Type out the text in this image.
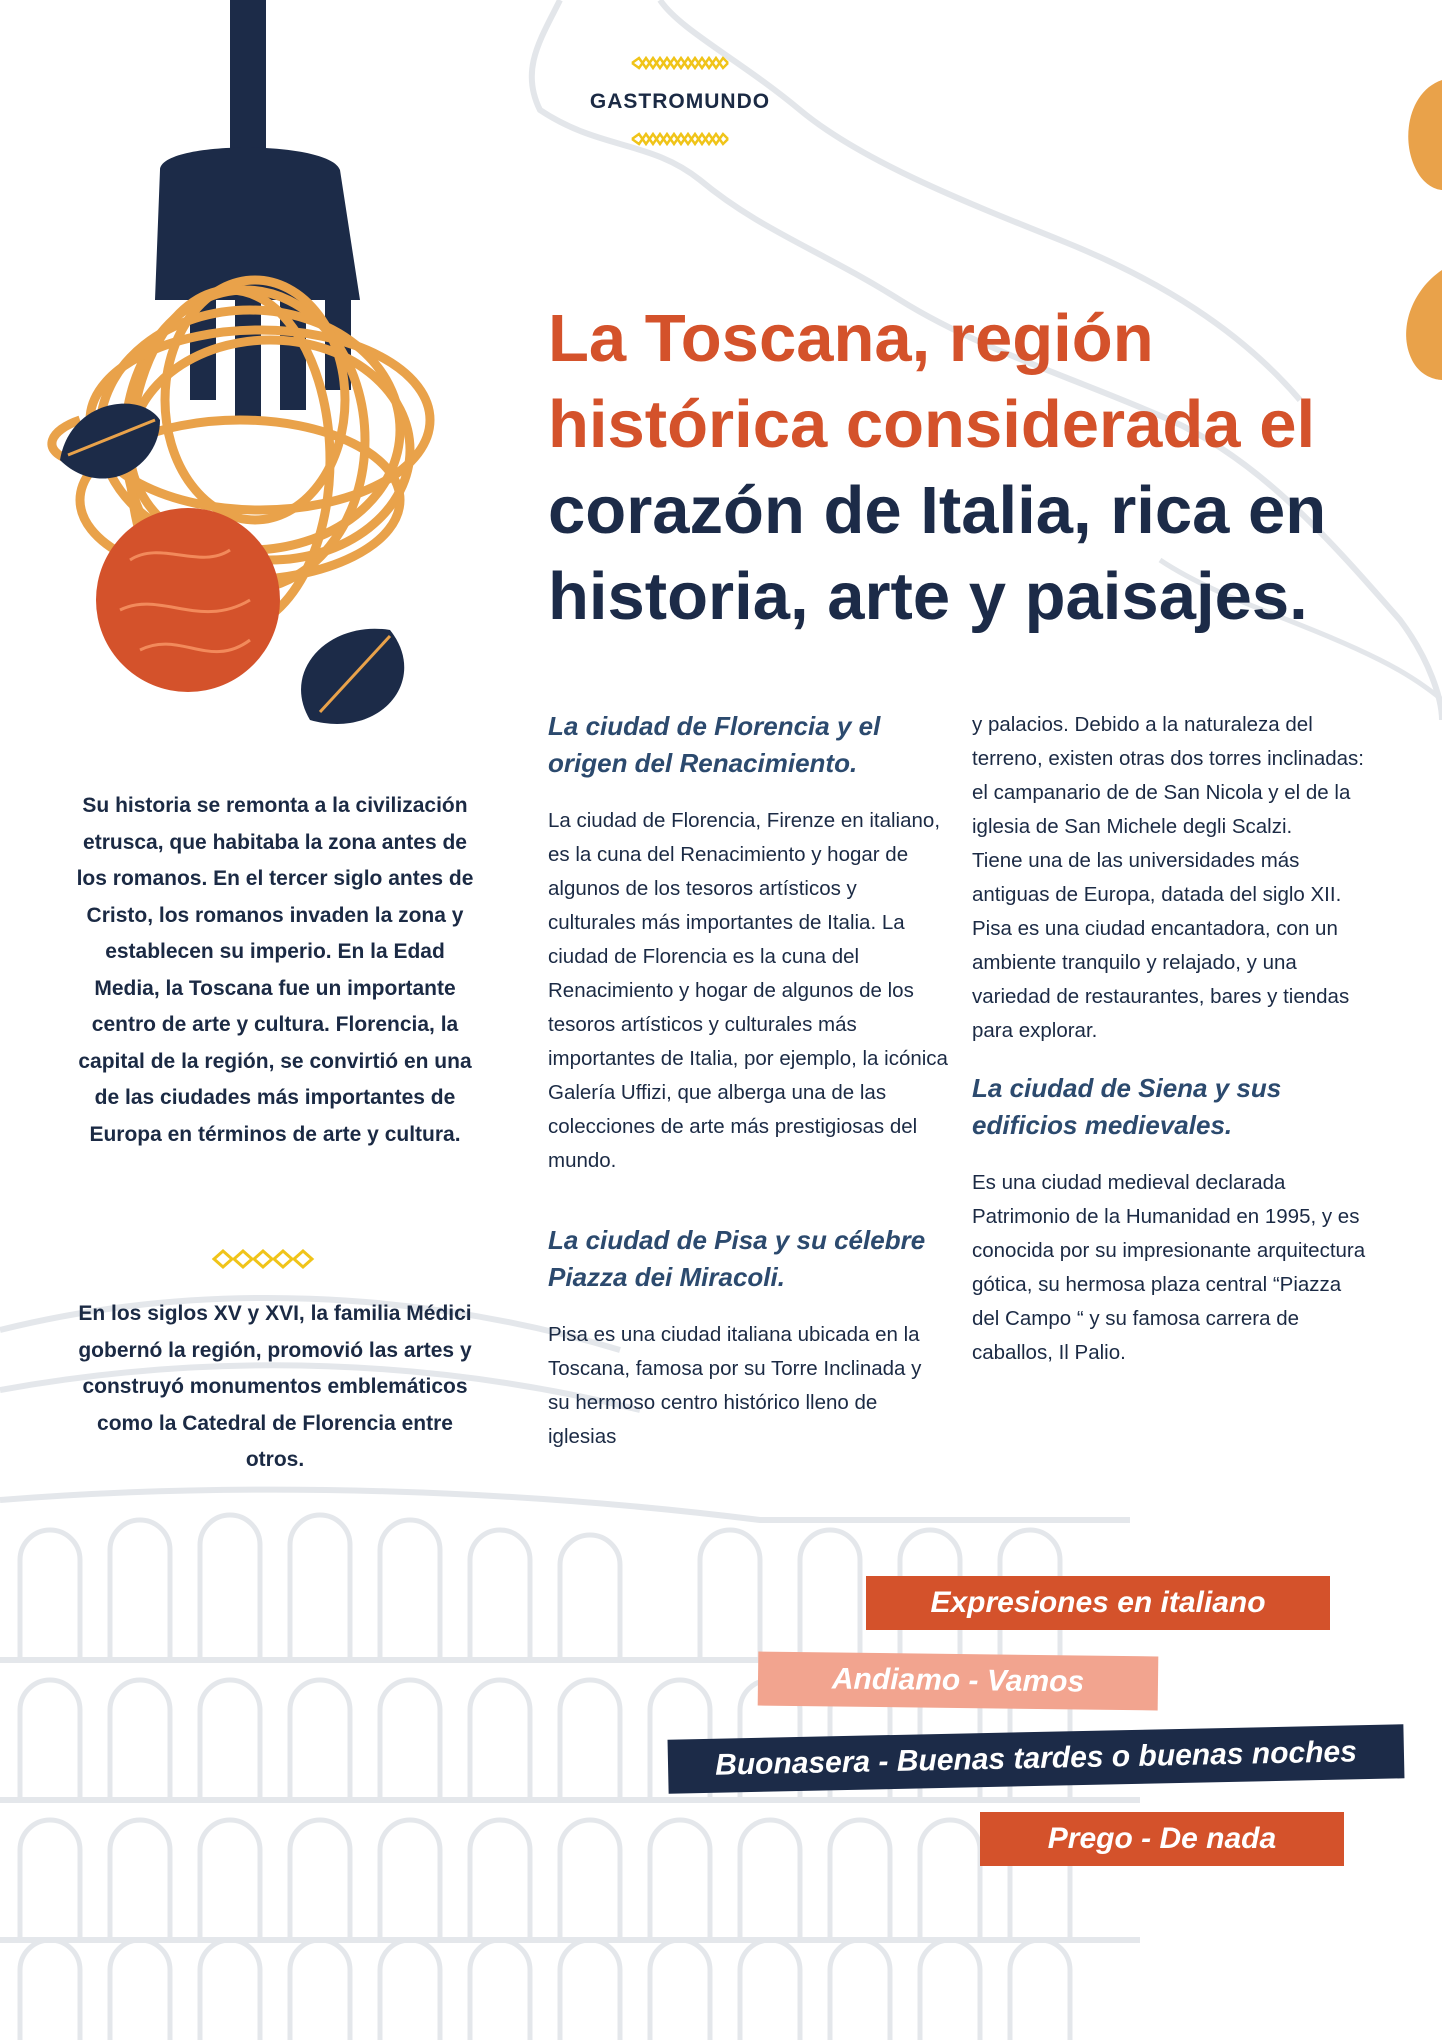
GASTROMUNDO
La Toscana, región
histórica considerada el
corazón de Italia, rica en
historia, arte y paisajes.

Su historia se remonta a la civilización etrusca, que habitaba la zona antes de los romanos. En el tercer siglo antes de Cristo, los romanos invaden la zona y establecen su imperio. En la Edad Media, la Toscana fue un importante centro de arte y cultura. Florencia, la capital de la región, se convirtió en una de las ciudades más importantes de Europa en términos de arte y cultura.

En los siglos XV y XVI, la familia Médici gobernó la región, promovió las artes y construyó monumentos emblemáticos como la Catedral de Florencia entre otros.

La ciudad de Florencia y el origen del Renacimiento.

La ciudad de Florencia, Firenze en italiano, es la cuna del Renacimiento y hogar de algunos de los tesoros artísticos y culturales más importantes de Italia. La ciudad de Florencia es la cuna del Renacimiento y hogar de algunos de los tesoros artísticos y culturales más importantes de Italia, por ejemplo, la icónica Galería Uffizi, que alberga una de las colecciones de arte más prestigiosas del mundo.

La ciudad de Pisa y su célebre Piazza dei Miracoli.

Pisa es una ciudad italiana ubicada en la Toscana, famosa por su Torre Inclinada y su hermoso centro histórico lleno de iglesias

y palacios. Debido a la naturaleza del terreno, existen otras dos torres inclinadas: el campanario de de San Nicola y el de la iglesia de San Michele degli Scalzi.

Tiene una de las universidades más antiguas de Europa, datada del siglo XII. Pisa es una ciudad encantadora, con un ambiente tranquilo y relajado, y una variedad de restaurantes, bares y tiendas para explorar.

La ciudad de Siena y sus edificios medievales.

Es una ciudad medieval declarada Patrimonio de la Humanidad en 1995, y es conocida por su impresionante arquitectura gótica, su hermosa plaza central “Piazza del Campo “ y su famosa carrera de caballos, Il Palio.

Expresiones en italiano
Andiamo - Vamos
Buonasera - Buenas tardes o buenas noches
Prego - De nada
